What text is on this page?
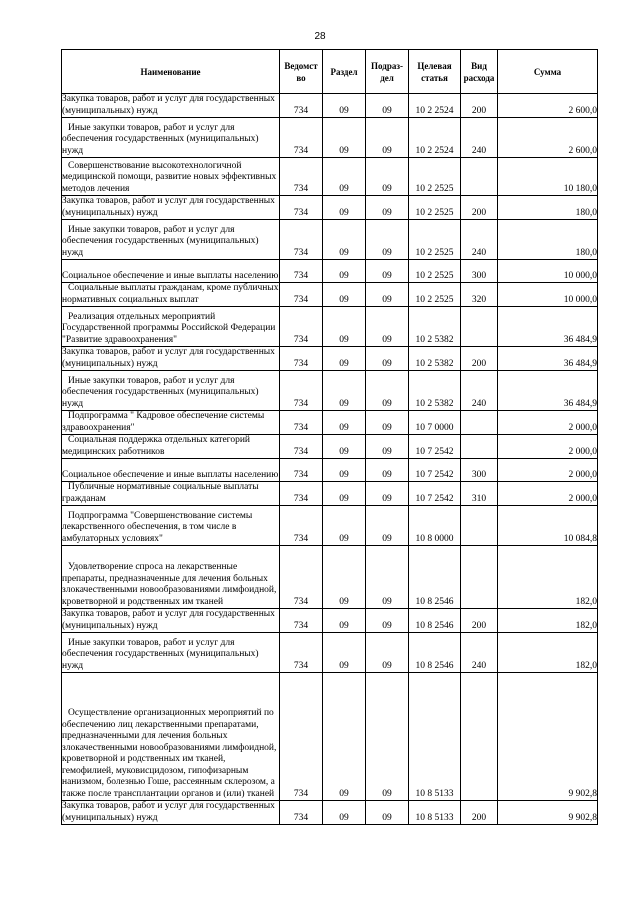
28
Наименование	Ведомст во	Раздел	Подраз- дел	Целевая статья	Вид расхода	Сумма

Закупка товаров, работ и услуг для государственных (муниципальных) нужд	734	09	09	10 2 2524	200	2 600,0

Иные закупки товаров, работ и услуг для обеспечения государственных (муниципальных) нужд	734	09	09	10 2 2524	240	2 600,0

Совершенствование высокотехнологичной медицинской помощи, развитие новых эффективных методов лечения	734	09	09	10 2 2525		10 180,0

Закупка товаров, работ и услуг для государственных (муниципальных) нужд	734	09	09	10 2 2525	200	180,0

Иные закупки товаров, работ и услуг для обеспечения государственных (муниципальных) нужд	734	09	09	10 2 2525	240	180,0

Социальное обеспечение и иные выплаты населению	734	09	09	10 2 2525	300	10 000,0

Социальные выплаты гражданам, кроме публичных нормативных социальных выплат	734	09	09	10 2 2525	320	10 000,0

Реализация отдельных мероприятий Государственной программы Российской Федерации "Развитие здравоохранения"	734	09	09	10 2 5382		36 484,9

Закупка товаров, работ и услуг для государственных (муниципальных) нужд	734	09	09	10 2 5382	200	36 484,9

Иные закупки товаров, работ и услуг для обеспечения государственных (муниципальных) нужд	734	09	09	10 2 5382	240	36 484,9

Подпрограмма " Кадровое обеспечение системы здравоохранения"	734	09	09	10 7 0000		2 000,0

Социальная поддержка отдельных категорий медицинских работников	734	09	09	10 7 2542		2 000,0

Социальное обеспечение и иные выплаты населению	734	09	09	10 7 2542	300	2 000,0

Публичные нормативные социальные выплаты гражданам	734	09	09	10 7 2542	310	2 000,0

Подпрограмма "Совершенствование системы лекарственного обеспечения, в том числе в амбулаторных условиях"	734	09	09	10 8 0000		10 084,8

Удовлетворение спроса на лекарственные препараты, предназначенные для лечения больных злокачественными новообразованиями лимфоидной, кроветворной и родственных им тканей	734	09	09	10 8 2546		182,0

Закупка товаров, работ и услуг для государственных (муниципальных) нужд	734	09	09	10 8 2546	200	182,0

Иные закупки товаров, работ и услуг для обеспечения государственных (муниципальных) нужд	734	09	09	10 8 2546	240	182,0

Осуществление организационных мероприятий по обеспечению лиц лекарственными препаратами, предназначенными для лечения больных злокачественными новообразованиями лимфоидной, кроветворной и родственных им тканей, гемофилией, муковисцидозом, гипофизарным нанизмом, болезнью Гоше, рассеянным склерозом, а также после трансплантации органов и (или) тканей	734	09	09	10 8 5133		9 902,8

Закупка товаров, работ и услуг для государственных (муниципальных) нужд	734	09	09	10 8 5133	200	9 902,8
